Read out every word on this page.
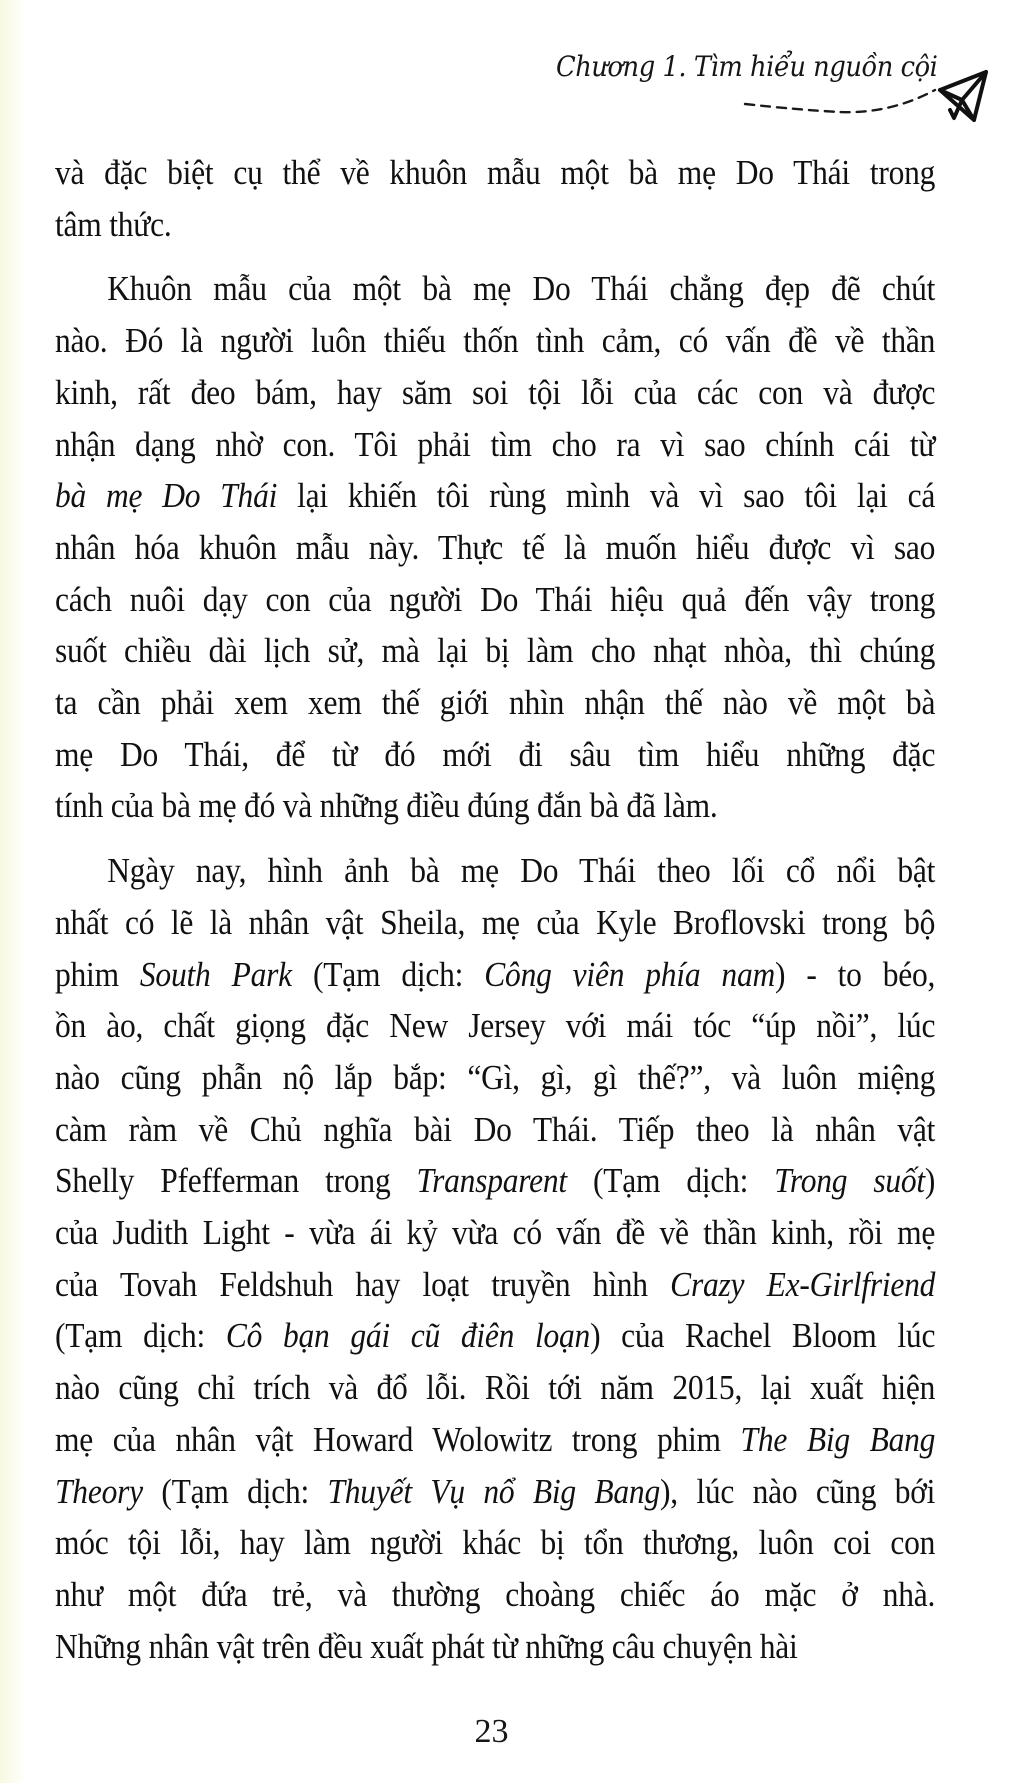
Chương 1. Tìm hiểu nguồn cội
và đặc biệt cụ thể về khuôn mẫu một bà mẹ Do Thái trong
tâm thức.
Khuôn mẫu của một bà mẹ Do Thái chẳng đẹp đẽ chút
nào. Đó là người luôn thiếu thốn tình cảm, có vấn đề về thần
kinh, rất đeo bám, hay săm soi tội lỗi của các con và được
nhận dạng nhờ con. Tôi phải tìm cho ra vì sao chính cái từ
bà mẹ Do Thái lại khiến tôi rùng mình và vì sao tôi lại cá
nhân hóa khuôn mẫu này. Thực tế là muốn hiểu được vì sao
cách nuôi dạy con của người Do Thái hiệu quả đến vậy trong
suốt chiều dài lịch sử, mà lại bị làm cho nhạt nhòa, thì chúng
ta cần phải xem xem thế giới nhìn nhận thế nào về một bà
mẹ Do Thái, để từ đó mới đi sâu tìm hiểu những đặc
tính của bà mẹ đó và những điều đúng đắn bà đã làm.
Ngày nay, hình ảnh bà mẹ Do Thái theo lối cổ nổi bật
nhất có lẽ là nhân vật Sheila, mẹ của Kyle Broflovski trong bộ
phim South Park (Tạm dịch: Công viên phía nam) - to béo,
ồn ào, chất giọng đặc New Jersey với mái tóc “úp nồi”, lúc
nào cũng phẫn nộ lắp bắp: “Gì, gì, gì thế?”, và luôn miệng
càm ràm về Chủ nghĩa bài Do Thái. Tiếp theo là nhân vật
Shelly Pfefferman trong Transparent (Tạm dịch: Trong suốt)
của Judith Light - vừa ái kỷ vừa có vấn đề về thần kinh, rồi mẹ
của Tovah Feldshuh hay loạt truyền hình Crazy Ex-Girlfriend
(Tạm dịch: Cô bạn gái cũ điên loạn) của Rachel Bloom lúc
nào cũng chỉ trích và đổ lỗi. Rồi tới năm 2015, lại xuất hiện
mẹ của nhân vật Howard Wolowitz trong phim The Big Bang
Theory (Tạm dịch: Thuyết Vụ nổ Big Bang), lúc nào cũng bới
móc tội lỗi, hay làm người khác bị tổn thương, luôn coi con
như một đứa trẻ, và thường choàng chiếc áo mặc ở nhà.
Những nhân vật trên đều xuất phát từ những câu chuyện hài
23
